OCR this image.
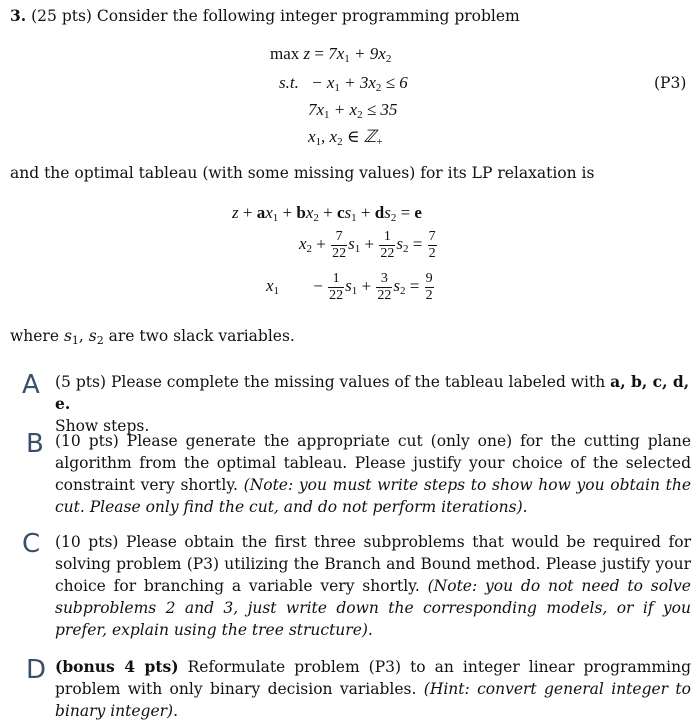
3. (25 pts) Consider the following integer programming problem
$\max z = 7x_1 + 9x_2$
s.t. − $x_1 + 3x_2 \le 6$
$7x_1 + x_2 \le 35$
$x_1$, $x_2$ ∈ ℤ$_+$
(P3)
and the optimal tableau (with some missing values) for its LP relaxation is
$z + ax_1 + bx_2 + cs_1 + ds_2 = e$
$x_2 + \frac{7}{22} s_1 + \frac{1}{22} s_2 = \frac{7}{2}$
$x_1 - \frac{1}{22} s_1 + \frac{3}{22} s_2 = \frac{9}{2}$
where $s_1$, $s_2$ are two slack variables.
A (5 pts) Please complete the missing values of the tableau labeled with a, b, c, d, e.
Show steps.
B (10 pts) Please generate the appropriate cut (only one) for the cutting plane algorithm from the optimal tableau. Please justify your choice of the selected constraint very shortly. (Note: you must write steps to show how you obtain the cut. Please only find the cut, and do not perform iterations).
C (10 pts) Please obtain the first three subproblems that would be required for solving problem (P3) utilizing the Branch and Bound method. Please justify your choice for branching a variable very shortly. (Note: you do not need to solve subproblems 2 and 3, just write down the corresponding models, or if you prefer, explain using the tree structure).
D (bonus 4 pts) Reformulate problem (P3) to an integer linear programming problem with only binary decision variables. (Hint: convert general integer to binary integer).
